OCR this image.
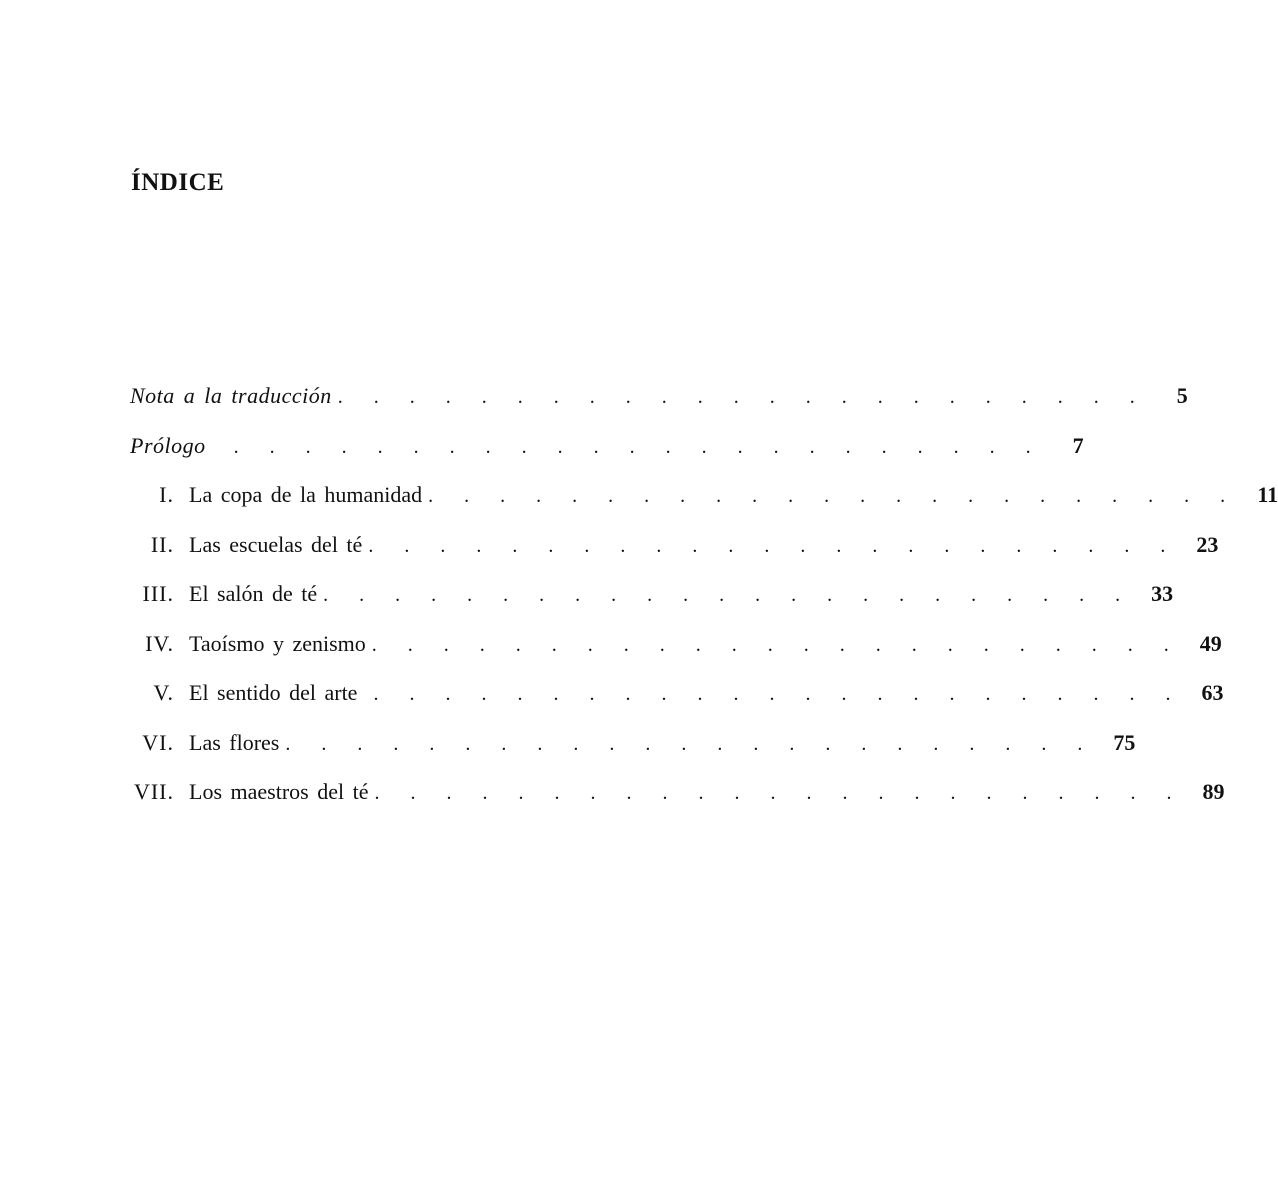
ÍNDICE
Nota a la traducción . . . . . . . . . . . . . . . . . . . . . . .	5
Prólogo	. . . . . . . . . . . . . . . . . . . . . . .	7
I. La copa de la humanidad . . . . . . . . . . . . . . . . . . . . . . . 11
II. Las escuelas del té . . . . . . . . . . . . . . . . . . . . . . . 23
III. El salón de té . . . . . . . . . . . . . . . . . . . . . . . 33
IV. Taoísmo y zenismo . . . . . . . . . . . . . . . . . . . . . . . 49
V. El sentido del arte . . . . . . . . . . . . . . . . . . . . . . . 63
VI. Las flores . . . . . . . . . . . . . . . . . . . . . . . 75
VII. Los maestros del té . . . . . . . . . . . . . . . . . . . . . . . 89
